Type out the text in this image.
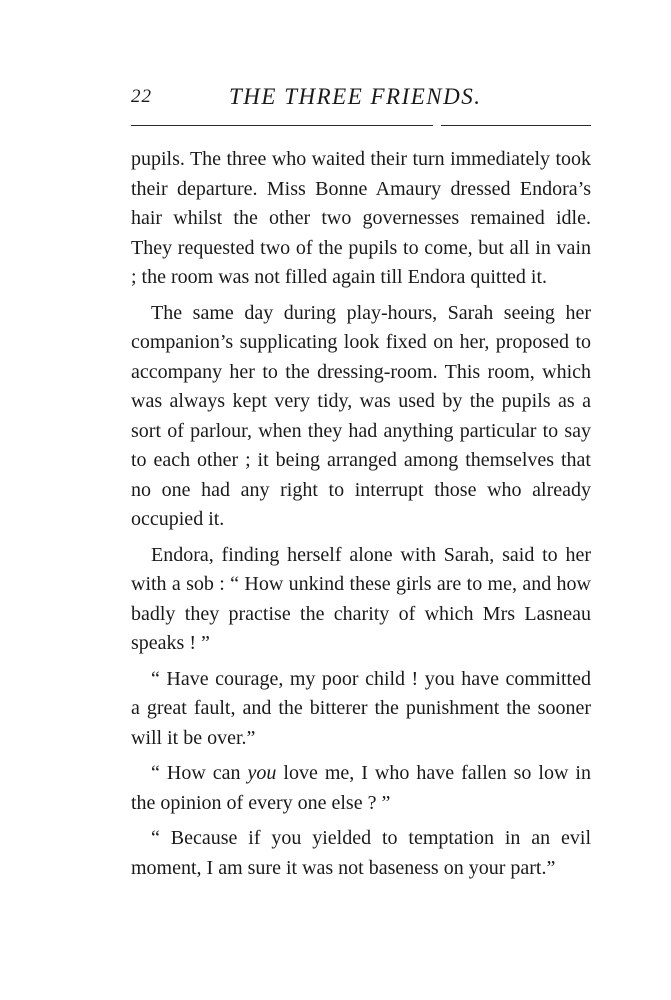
22	THE THREE FRIENDS.

pupils. The three who waited their turn immediately took their departure. Miss Bonne Amaury dressed Endora’s hair whilst the other two governesses remained idle. They requested two of the pupils to come, but all in vain ; the room was not filled again till Endora quitted it.

The same day during play-hours, Sarah seeing her companion’s supplicating look fixed on her, proposed to accompany her to the dressing-room. This room, which was always kept very tidy, was used by the pupils as a sort of parlour, when they had anything particular to say to each other ; it being arranged among themselves that no one had any right to interrupt those who already occupied it.

Endora, finding herself alone with Sarah, said to her with a sob : “ How unkind these girls are to me, and how badly they practise the charity of which Mrs Lasneau speaks ! ”

“ Have courage, my poor child ! you have committed a great fault, and the bitterer the punishment the sooner will it be over.”

“ How can you love me, I who have fallen so low in the opinion of every one else ? ”

“ Because if you yielded to temptation in an evil moment, I am sure it was not baseness on your part.”
